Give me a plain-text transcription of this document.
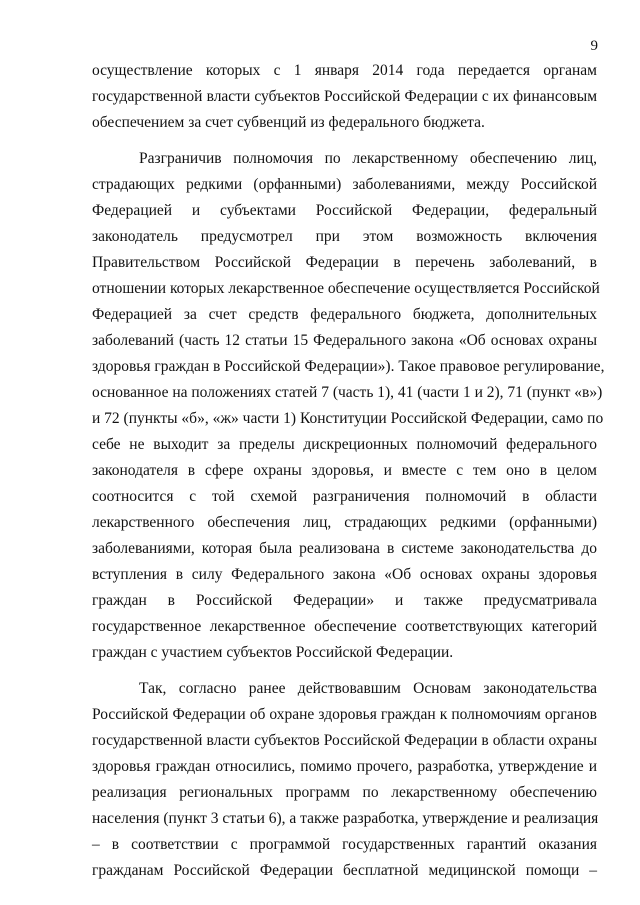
9
осуществление которых с 1 января 2014 года передается органам
государственной власти субъектов Российской Федерации с их финансовым
обеспечением за счет субвенций из федерального бюджета.
Разграничив полномочия по лекарственному обеспечению лиц,
страдающих редкими (орфанными) заболеваниями, между Российской
Федерацией и субъектами Российской Федерации, федеральный
законодатель предусмотрел при этом возможность включения
Правительством Российской Федерации в перечень заболеваний, в
отношении которых лекарственное обеспечение осуществляется Российской
Федерацией за счет средств федерального бюджета, дополнительных
заболеваний (часть 12 статьи 15 Федерального закона «Об основах охраны
здоровья граждан в Российской Федерации»). Такое правовое регулирование,
основанное на положениях статей 7 (часть 1), 41 (части 1 и 2), 71 (пункт «в»)
и 72 (пункты «б», «ж» части 1) Конституции Российской Федерации, само по
себе не выходит за пределы дискреционных полномочий федерального
законодателя в сфере охраны здоровья, и вместе с тем оно в целом
соотносится с той схемой разграничения полномочий в области
лекарственного обеспечения лиц, страдающих редкими (орфанными)
заболеваниями, которая была реализована в системе законодательства до
вступления в силу Федерального закона «Об основах охраны здоровья
граждан в Российской Федерации» и также предусматривала
государственное лекарственное обеспечение соответствующих категорий
граждан с участием субъектов Российской Федерации.
Так, согласно ранее действовавшим Основам законодательства
Российской Федерации об охране здоровья граждан к полномочиям органов
государственной власти субъектов Российской Федерации в области охраны
здоровья граждан относились, помимо прочего, разработка, утверждение и
реализация региональных программ по лекарственному обеспечению
населения (пункт 3 статьи 6), а также разработка, утверждение и реализация
– в соответствии с программой государственных гарантий оказания
гражданам Российской Федерации бесплатной медицинской помощи –
